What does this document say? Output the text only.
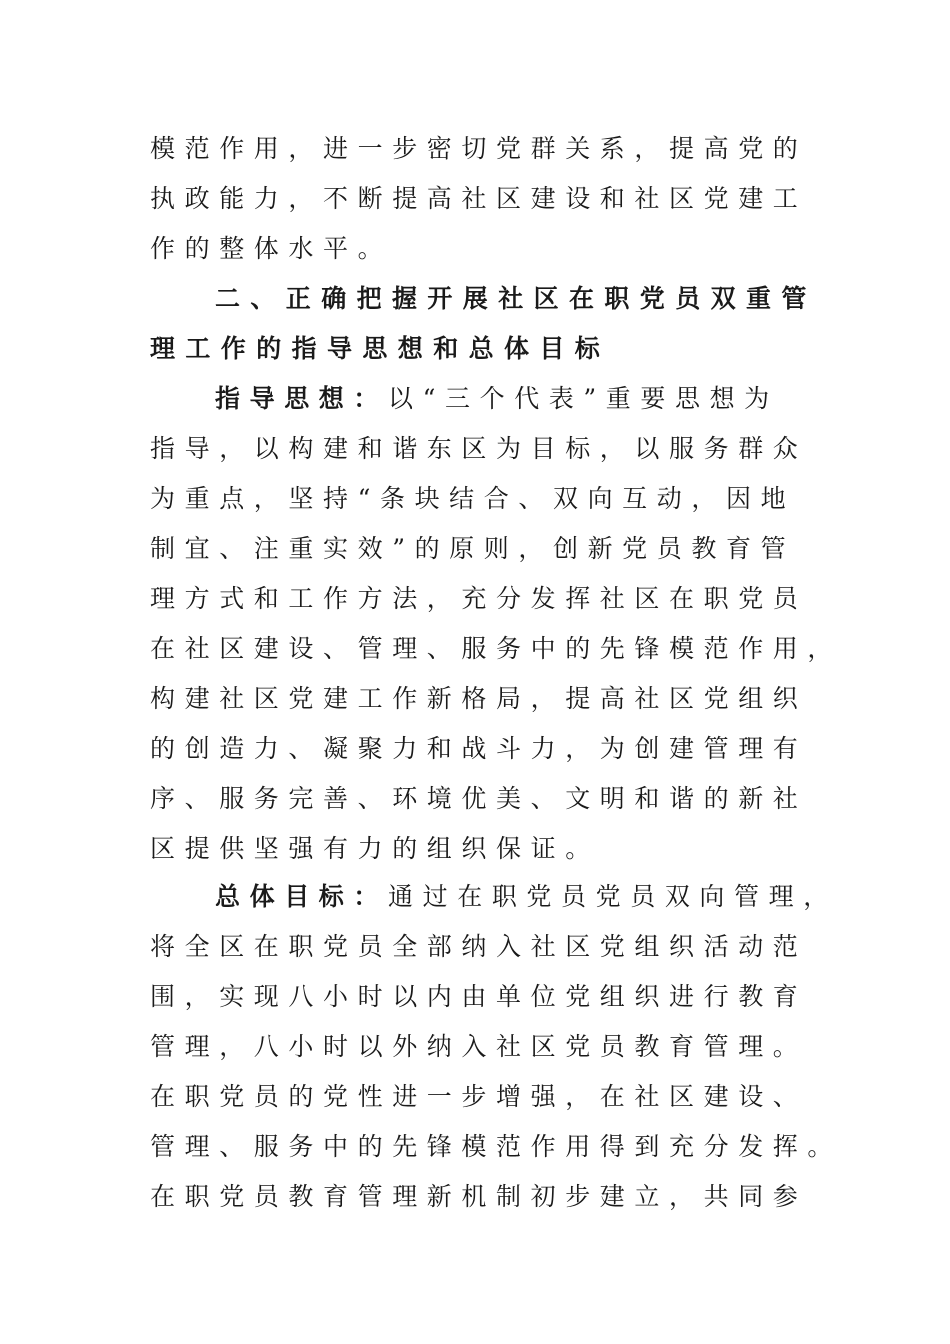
模范作用，进一步密切党群关系，提高党的
执政能力，不断提高社区建设和社区党建工
作的整体水平。
二、正确把握开展社区在职党员双重管
理工作的指导思想和总体目标
指导思想：以“三个代表”重要思想为
指导，以构建和谐东区为目标，以服务群众
为重点，坚持“条块结合、双向互动，因地
制宜、注重实效”的原则，创新党员教育管
理方式和工作方法，充分发挥社区在职党员
在社区建设、管理、服务中的先锋模范作用，
构建社区党建工作新格局，提高社区党组织
的创造力、凝聚力和战斗力，为创建管理有
序、服务完善、环境优美、文明和谐的新社
区提供坚强有力的组织保证。
总体目标：通过在职党员党员双向管理，
将全区在职党员全部纳入社区党组织活动范
围，实现八小时以内由单位党组织进行教育
管理，八小时以外纳入社区党员教育管理。
在职党员的党性进一步增强，在社区建设、
管理、服务中的先锋模范作用得到充分发挥。
在职党员教育管理新机制初步建立，共同参
